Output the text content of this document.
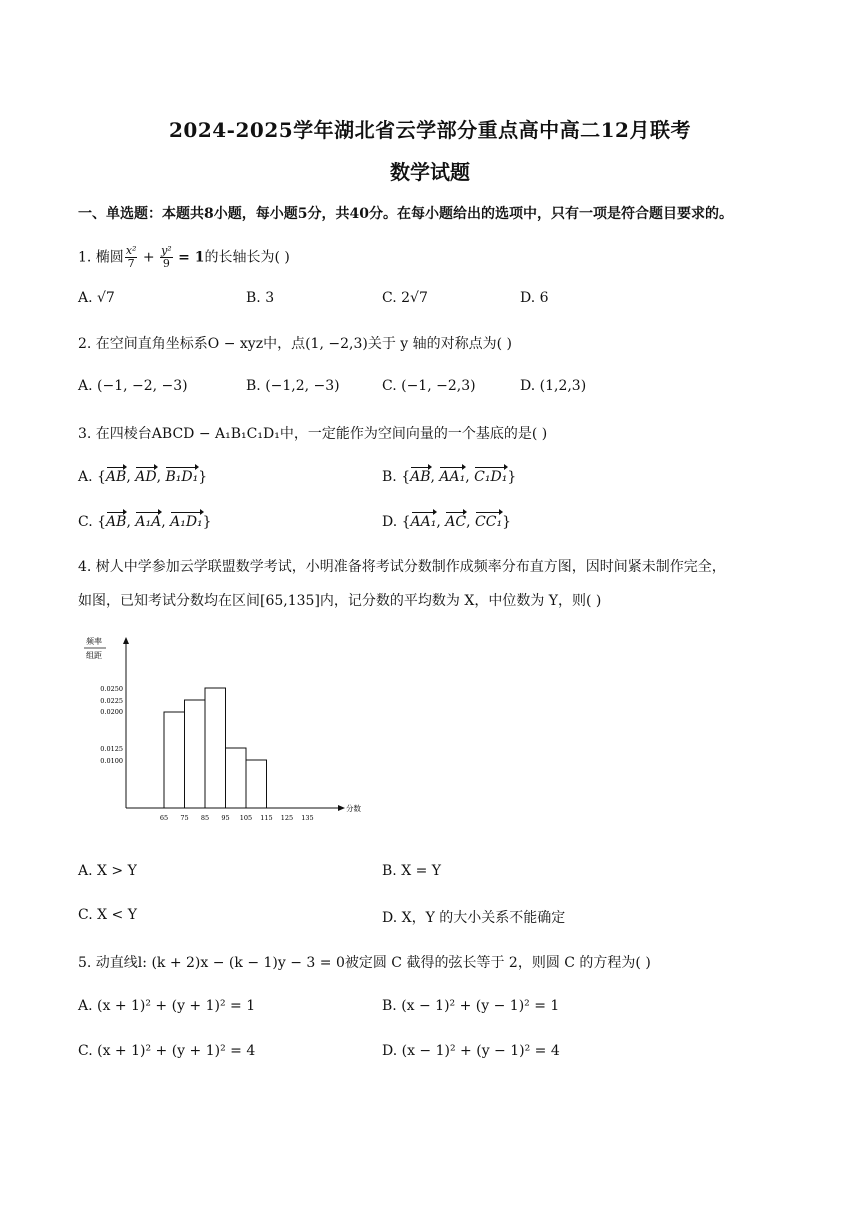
2024-2025学年湖北省云学部分重点高中高二12月联考
数学试题
一、单选题：本题共8小题，每小题5分，共40分。在每小题给出的选项中，只有一项是符合题目要求的。
1. 椭圆 $\frac{\text{x²}}{7} + \frac{\text{y²}}{9} = 1$的长轴长为( )
A. √7	B. 3	C. 2√7	D. 6
2. 在空间直角坐标系O − xyz中，点(1, −2,3)关于 y 轴的对称点为( )
A. (−1, −2, −3)	B. (−1,2, −3)	C. (−1, −2,3)	D. (1,2,3)
3. 在四棱台ABCD − A₁B₁C₁D₁中，一定能作为空间向量的一个基底的是( )
A. {AB, AD, B₁D₁}	B. {AB, AA₁, C₁D₁}
C. {AB, A₁A, A₁D₁}	D. {AA₁, AC, CC₁}
4. 树人中学参加云学联盟数学考试，小明准备将考试分数制作成频率分布直方图，因时间紧未制作完全，
如图，已知考试分数均在区间[65,135]内，记分数的平均数为 X，中位数为 Y，则( )
频率
组距
0.0250
0.0225
0.0200
0.0125
0.0100
65 75 85 95 105 115 125 135
分数
A. X > Y	B. X = Y
C. X < Y	D. X，Y 的大小关系不能确定
5. 动直线l: (k + 2)x − (k − 1)y − 3 = 0被定圆 C 截得的弦长等于 2，则圆 C 的方程为( )
A. (x + 1)² + (y + 1)² = 1	B. (x − 1)² + (y − 1)² = 1
C. (x + 1)² + (y + 1)² = 4	D. (x − 1)² + (y − 1)² = 4
